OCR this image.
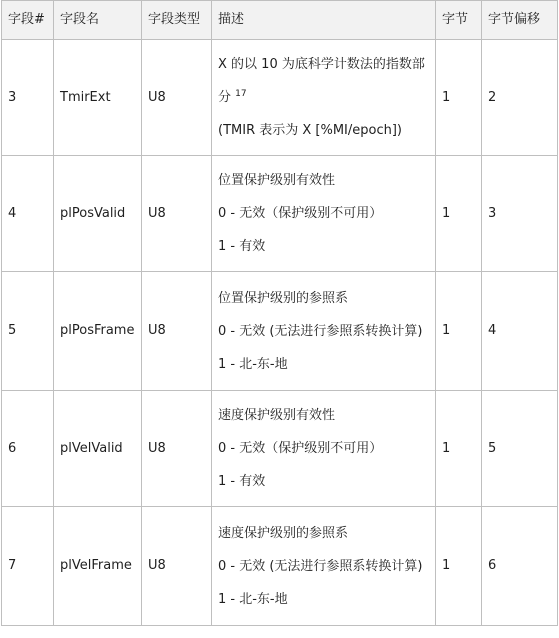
字段#	字段名	字段类型	描述	字节	字节偏移
3	TmirExt	U8	X 的以 10 为底科学计数法的指数部分 $^{17}$
(TMIR 表示为 X [%MI/epoch])	1	2
4	plPosValid	U8	位置保护级别有效性
0 - 无效（保护级别不可用）
1 - 有效	1	3
5	plPosFrame	U8	位置保护级别的参照系
0 - 无效 (无法进行参照系转换计算)
1 - 北-东-地	1	4
6	plVelValid	U8	速度保护级别有效性
0 - 无效（保护级别不可用）
1 - 有效	1	5
7	plVelFrame	U8	速度保护级别的参照系
0 - 无效 (无法进行参照系转换计算)
1 - 北-东-地	1	6
